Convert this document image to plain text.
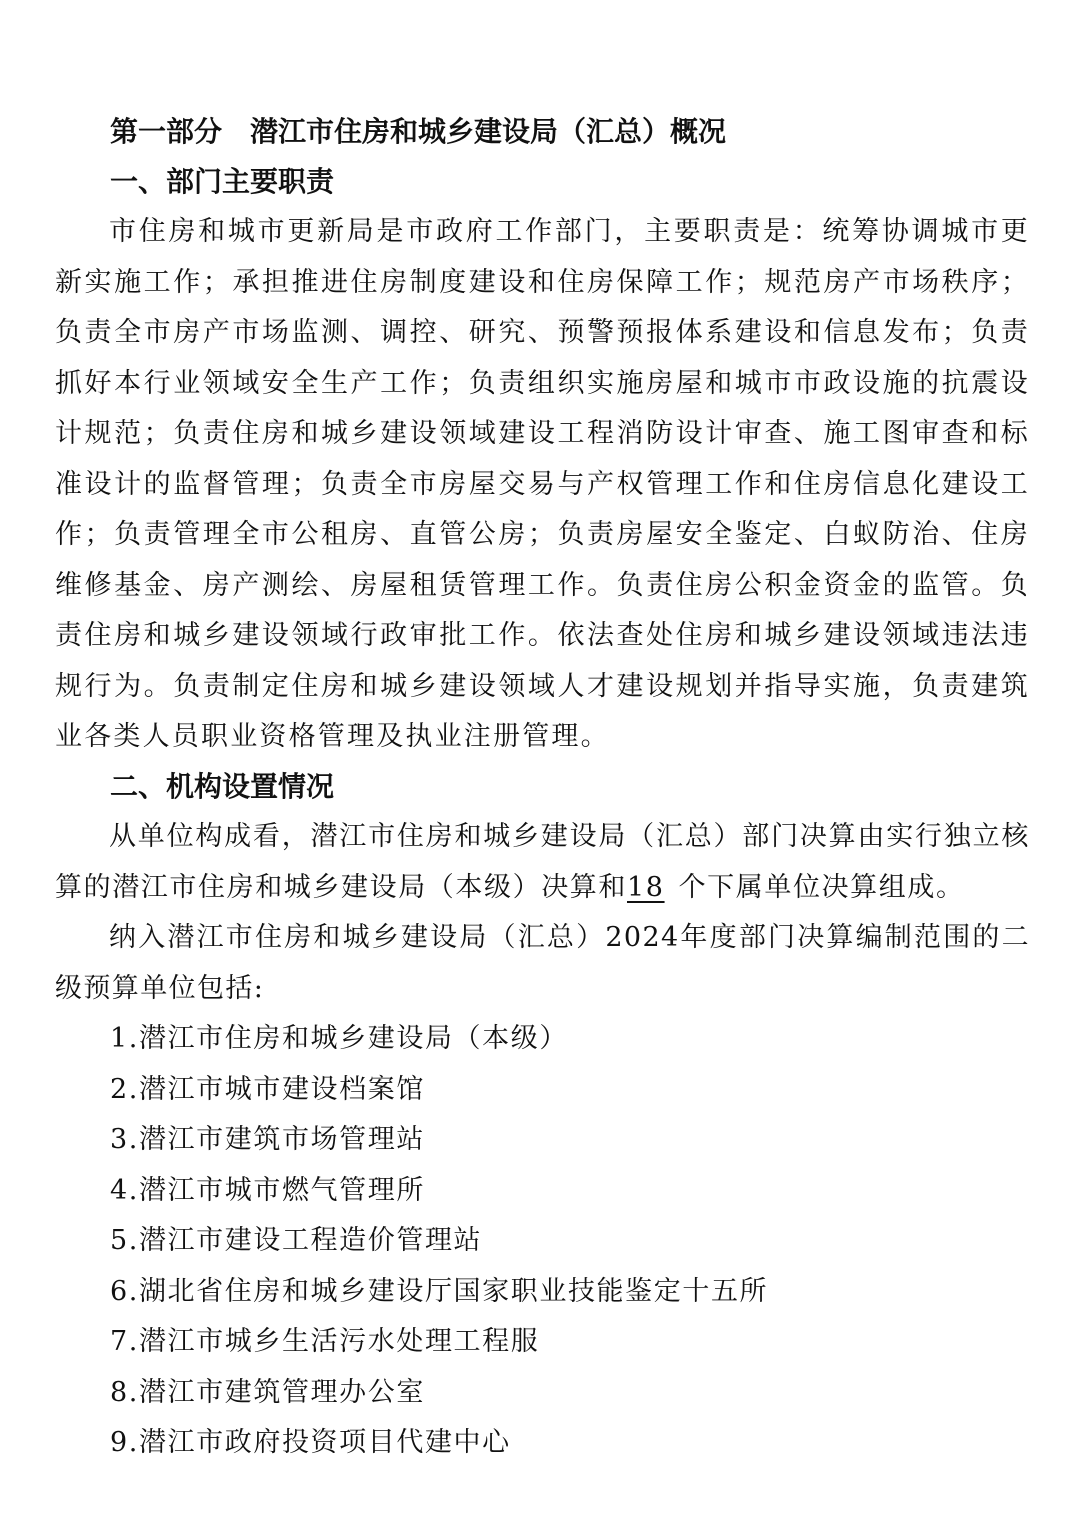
第一部分 潜江市住房和城乡建设局（汇总）概况
一、部门主要职责
市住房和城市更新局是市政府工作部门，主要职责是：统筹协调城市更新实施工作；承担推进住房制度建设和住房保障工作；规范房产市场秩序；负责全市房产市场监测、调控、研究、预警预报体系建设和信息发布；负责抓好本行业领域安全生产工作；负责组织实施房屋和城市市政设施的抗震设计规范；负责住房和城乡建设领域建设工程消防设计审查、施工图审查和标准设计的监督管理；负责全市房屋交易与产权管理工作和住房信息化建设工作；负责管理全市公租房、直管公房；负责房屋安全鉴定、白蚁防治、住房维修基金、房产测绘、房屋租赁管理工作。负责住房公积金资金的监管。负责住房和城乡建设领域行政审批工作。依法查处住房和城乡建设领域违法违规行为。负责制定住房和城乡建设领域人才建设规划并指导实施，负责建筑业各类人员职业资格管理及执业注册管理。
二、机构设置情况
从单位构成看，潜江市住房和城乡建设局（汇总）部门决算由实行独立核算的潜江市住房和城乡建设局（本级）决算和18 个下属单位决算组成。
纳入潜江市住房和城乡建设局（汇总）2024年度部门决算编制范围的二级预算单位包括:
1.潜江市住房和城乡建设局（本级）
2.潜江市城市建设档案馆
3.潜江市建筑市场管理站
4.潜江市城市燃气管理所
5.潜江市建设工程造价管理站
6.湖北省住房和城乡建设厅国家职业技能鉴定十五所
7.潜江市城乡生活污水处理工程服
8.潜江市建筑管理办公室
9.潜江市政府投资项目代建中心
